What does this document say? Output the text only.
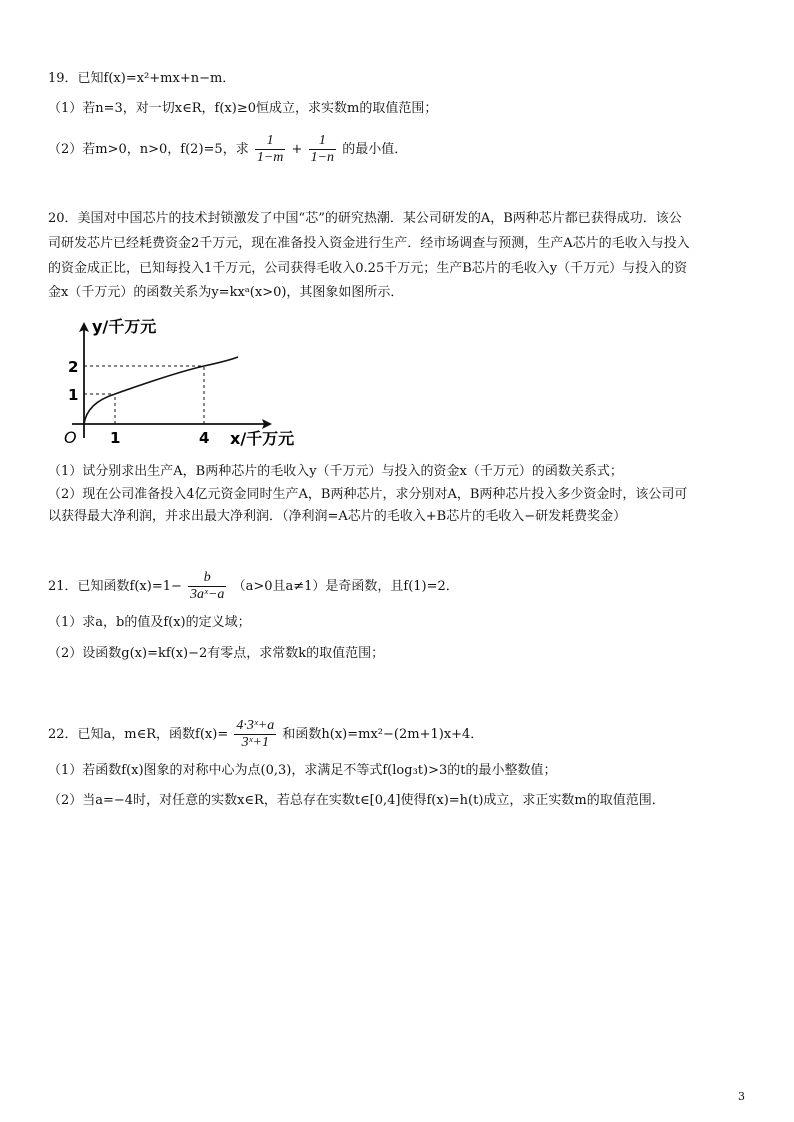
19．已知f(x)=x²+mx+n−m．
（1）若n=3，对一切x∈R，f(x)≥0恒成立，求实数m的取值范围；
（2）若m>0，n>0，f(2)=5，求 $\frac{1}{1-m} + \frac{1}{1-n}$ 的最小值．
20．美国对中国芯片的技术封锁激发了中国“芯”的研究热潮．某公司研发的A，B两种芯片都已获得成功．该公
司研发芯片已经耗费资金2千万元，现在准备投入资金进行生产．经市场调查与预测，生产A芯片的毛收入与投入
的资金成正比，已知每投入1千万元，公司获得毛收入0.25千万元；生产B芯片的毛收入y（千万元）与投入的资
金x（千万元）的函数关系为y=kxᵃ(x>0)，其图象如图所示．
y/千万元
x/千万元
O
1
2
1	4
（1）试分别求出生产A，B两种芯片的毛收入y（千万元）与投入的资金x（千万元）的函数关系式；
（2）现在公司准备投入4亿元资金同时生产A，B两种芯片，求分别对A，B两种芯片投入多少资金时，该公司可
以获得最大净利润，并求出最大净利润．（净利润=A芯片的毛收入+B芯片的毛收入−研发耗费奖金）
21．已知函数$f(x)=1- \frac{b}{\text{3aˣ−a}} (a>0$且a≠1）是奇函数，且f(1)=2．
（1）求a，b的值及f(x)的定义域；
（2）设函数g(x)=kf(x)−2有零点，求常数k的取值范围；
22．已知a，m∈R，函数$f(x)= \frac{\text{4·3ˣ+a}}{\text{3ˣ+1}}$ 和函数h(x)=mx²−(2m+1)x+4．
（1）若函数f(x)图象的对称中心为点(0,3)，求满足不等式f(log₃t)>3的t的最小整数值；
（2）当a=−4时，对任意的实数x∈R，若总存在实数t∈[0,4]使得f(x)=h(t)成立，求正实数m的取值范围．
3
